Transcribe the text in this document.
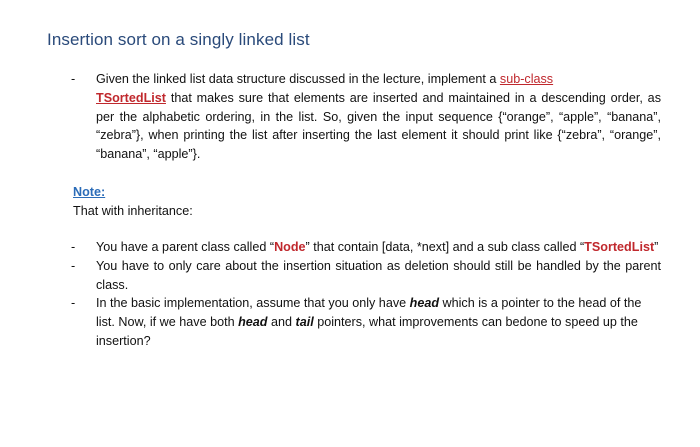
Insertion sort on a singly linked list
-	Given the linked list data structure discussed in the lecture, implement a sub-class
TSortedList that makes sure that elements are inserted and maintained in a descending order, as per the alphabetic ordering, in the list. So, given the input sequence {“orange”, “apple”, “banana”, “zebra”}, when printing the list after inserting the last element it should print like {“zebra”, “orange”, “banana”, “apple”}.
Note:
That with inheritance:
-	You have a parent class called “Node” that contain [data, *next] and a sub class called “TSortedList”
-	You have to only care about the insertion situation as deletion should still be handled by the parent class.
-	In the basic implementation, assume that you only have head which is a pointer to the head of the list. Now, if we have both head and tail pointers, what improvements can bedone to speed up the insertion?
